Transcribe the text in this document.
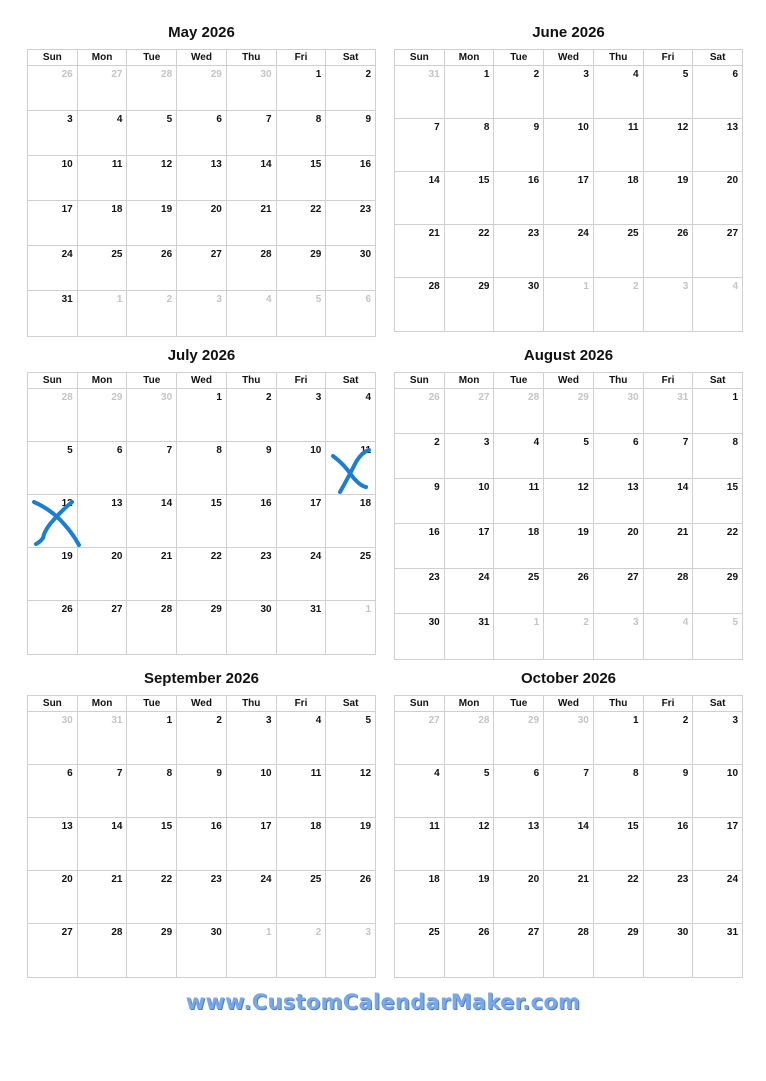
May 2026
Sun	Mon	Tue	Wed	Thu	Fri	Sat
26	27	28	29	30	1	2
3	4	5	6	7	8	9
10	11	12	13	14	15	16
17	18	19	20	21	22	23
24	25	26	27	28	29	30
31	1	2	3	4	5	6
June 2026
Sun	Mon	Tue	Wed	Thu	Fri	Sat
31	1	2	3	4	5	6
7	8	9	10	11	12	13
14	15	16	17	18	19	20
21	22	23	24	25	26	27
28	29	30	1	2	3	4
July 2026
Sun	Mon	Tue	Wed	Thu	Fri	Sat
28	29	30	1	2	3	4
5	6	7	8	9	10	11
12	13	14	15	16	17	18
19	20	21	22	23	24	25
26	27	28	29	30	31	1
August 2026
Sun	Mon	Tue	Wed	Thu	Fri	Sat
26	27	28	29	30	31	1
2	3	4	5	6	7	8
9	10	11	12	13	14	15
16	17	18	19	20	21	22
23	24	25	26	27	28	29
30	31	1	2	3	4	5
September 2026
Sun	Mon	Tue	Wed	Thu	Fri	Sat
30	31	1	2	3	4	5
6	7	8	9	10	11	12
13	14	15	16	17	18	19
20	21	22	23	24	25	26
27	28	29	30	1	2	3
October 2026
Sun	Mon	Tue	Wed	Thu	Fri	Sat
27	28	29	30	1	2	3
4	5	6	7	8	9	10
11	12	13	14	15	16	17
18	19	20	21	22	23	24
25	26	27	28	29	30	31
www.CustomCalendarMaker.com
